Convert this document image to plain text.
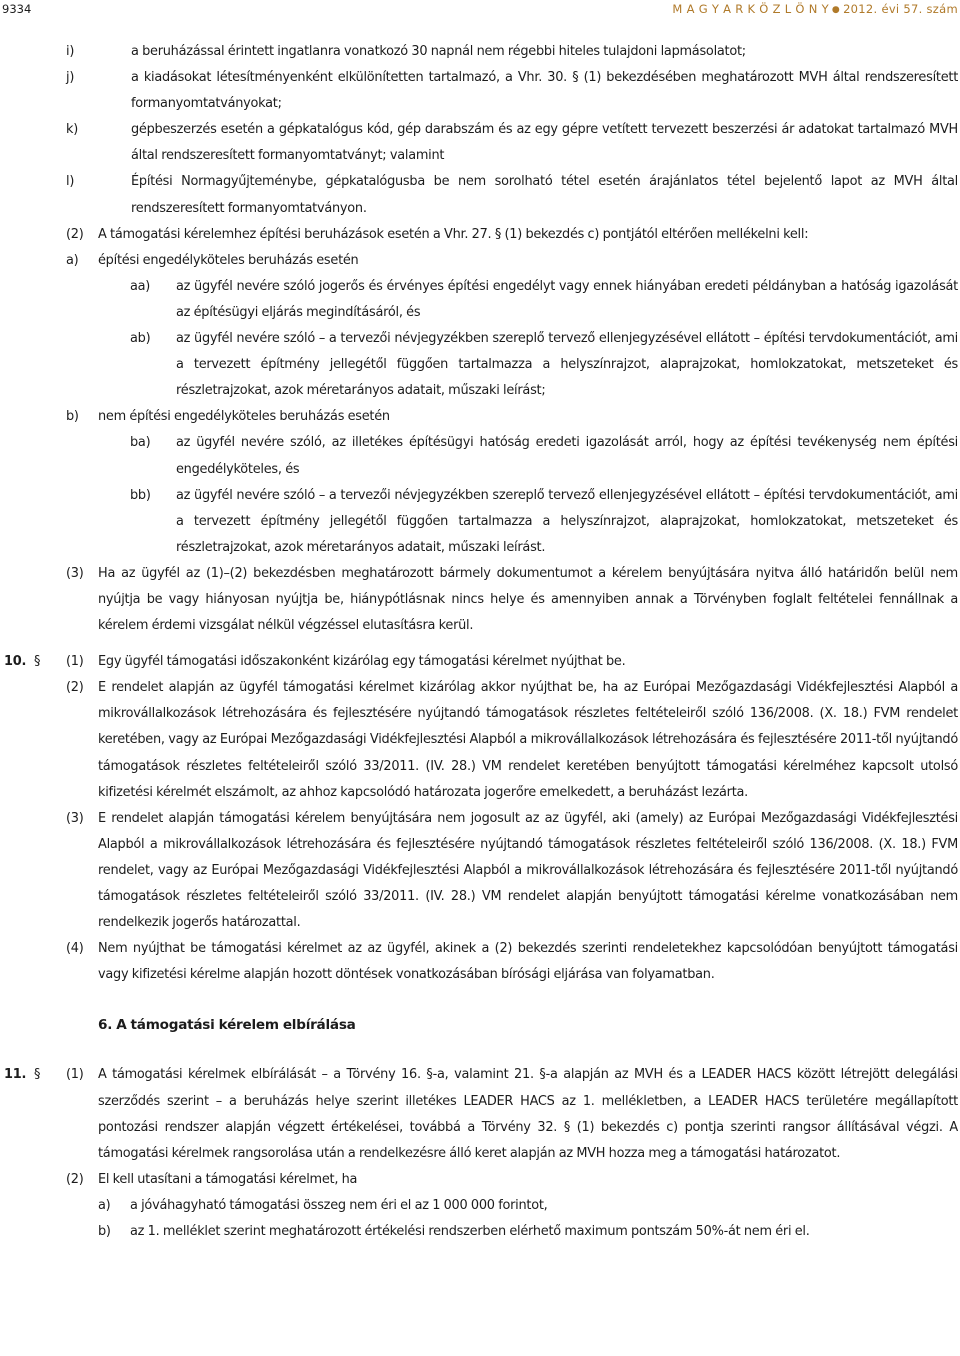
9334	M A G Y A R K Ö Z L Ö N Y ● 2012. évi 57. szám
i)	a beruházással érintett ingatlanra vonatkozó 30 napnál nem régebbi hiteles tulajdoni lapmásolatot;
j)	a kiadásokat létesítményenként elkülönítetten tartalmazó, a Vhr. 30. § (1) bekezdésében meghatározott MVH által rendszeresített formanyomtatványokat;
k)	gépbeszerzés esetén a gépkatalógus kód, gép darabszám és az egy gépre vetített tervezett beszerzési ár adatokat tartalmazó MVH által rendszeresített formanyomtatványt; valamint
l)	Építési Normagyűjteménybe, gépkatalógusba be nem sorolható tétel esetén árajánlatos tétel bejelentő lapot az MVH által rendszeresített formanyomtatványon.
(2)	A támogatási kérelemhez építési beruházások esetén a Vhr. 27. § (1) bekezdés c) pontjától eltérően mellékelni kell:
a)	építési engedélyköteles beruházás esetén
aa)	az ügyfél nevére szóló jogerős és érvényes építési engedélyt vagy ennek hiányában eredeti példányban a hatóság igazolását az építésügyi eljárás megindításáról, és
ab)	az ügyfél nevére szóló – a tervezői névjegyzékben szereplő tervező ellenjegyzésével ellátott – építési tervdokumentációt, ami a tervezett építmény jellegétől függően tartalmazza a helyszínrajzot, alaprajzokat, homlokzatokat, metszeteket és részletrajzokat, azok méretarányos adatait, műszaki leírást;
b)	nem építési engedélyköteles beruházás esetén
ba)	az ügyfél nevére szóló, az illetékes építésügyi hatóság eredeti igazolását arról, hogy az építési tevékenység nem építési engedélyköteles, és
bb)	az ügyfél nevére szóló – a tervezői névjegyzékben szereplő tervező ellenjegyzésével ellátott – építési tervdokumentációt, ami a tervezett építmény jellegétől függően tartalmazza a helyszínrajzot, alaprajzokat, homlokzatokat, metszeteket és részletrajzokat, azok méretarányos adatait, műszaki leírást.
(3)	Ha az ügyfél az (1)–(2) bekezdésben meghatározott bármely dokumentumot a kérelem benyújtására nyitva álló határidőn belül nem nyújtja be vagy hiányosan nyújtja be, hiánypótlásnak nincs helye és amennyiben annak a Törvényben foglalt feltételei fennállnak a kérelem érdemi vizsgálat nélkül végzéssel elutasításra kerül.
10. §	(1)	Egy ügyfél támogatási időszakonként kizárólag egy támogatási kérelmet nyújthat be.
(2)	E rendelet alapján az ügyfél támogatási kérelmet kizárólag akkor nyújthat be, ha az Európai Mezőgazdasági Vidékfejlesztési Alapból a mikrovállalkozások létrehozására és fejlesztésére nyújtandó támogatások részletes feltételeiről szóló 136/2008. (X. 18.) FVM rendelet keretében, vagy az Európai Mezőgazdasági Vidékfejlesztési Alapból a mikrovállalkozások létrehozására és fejlesztésére 2011-től nyújtandó támogatások részletes feltételeiről szóló 33/2011. (IV. 28.) VM rendelet keretében benyújtott támogatási kérelméhez kapcsolt utolsó kifizetési kérelmét elszámolt, az ahhoz kapcsolódó határozata jogerőre emelkedett, a beruházást lezárta.
(3)	E rendelet alapján támogatási kérelem benyújtására nem jogosult az az ügyfél, aki (amely) az Európai Mezőgazdasági Vidékfejlesztési Alapból a mikrovállalkozások létrehozására és fejlesztésére nyújtandó támogatások részletes feltételeiről szóló 136/2008. (X. 18.) FVM rendelet, vagy az Európai Mezőgazdasági Vidékfejlesztési Alapból a mikrovállalkozások létrehozására és fejlesztésére 2011-től nyújtandó támogatások részletes feltételeiről szóló 33/2011. (IV. 28.) VM rendelet alapján benyújtott támogatási kérelme vonatkozásában nem rendelkezik jogerős határozattal.
(4)	Nem nyújthat be támogatási kérelmet az az ügyfél, akinek a (2) bekezdés szerinti rendeletekhez kapcsolódóan benyújtott támogatási vagy kifizetési kérelme alapján hozott döntések vonatkozásában bírósági eljárása van folyamatban.
6. A támogatási kérelem elbírálása
11. §	(1)	A támogatási kérelmek elbírálását – a Törvény 16. §-a, valamint 21. §-a alapján az MVH és a LEADER HACS között létrejött delegálási szerződés szerint – a beruházás helye szerint illetékes LEADER HACS az 1. mellékletben, a LEADER HACS területére megállapított pontozási rendszer alapján végzett értékelései, továbbá a Törvény 32. § (1) bekezdés c) pontja szerinti rangsor állításával végzi. A támogatási kérelmek rangsorolása után a rendelkezésre álló keret alapján az MVH hozza meg a támogatási határozatot.
(2)	El kell utasítani a támogatási kérelmet, ha
a)	a jóváhagyható támogatási összeg nem éri el az 1 000 000 forintot,
b)	az 1. melléklet szerint meghatározott értékelési rendszerben elérhető maximum pontszám 50%-át nem éri el.
